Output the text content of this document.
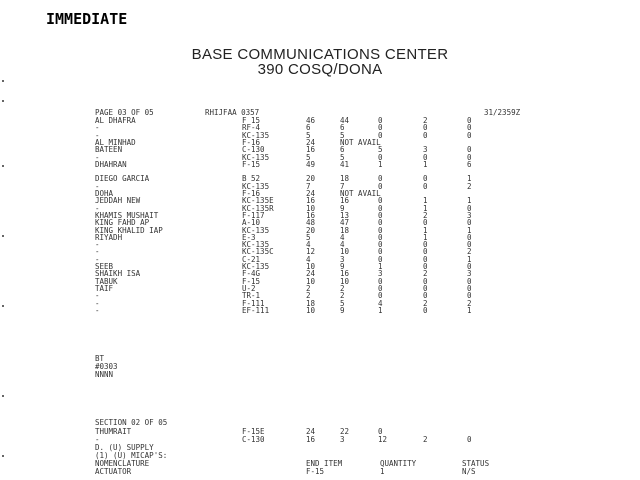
IMMEDIATE
BASE COMMUNICATIONS CENTER
390 COSQ/DONA

PAGE 03 OF 05

	RHIJFAA 0357

	31/2359Z

AL DHAFRA	F 15	46	44	0	2	0
-	RF-4	6	6	0	0	0
-	KC-135	5	5	0	0	0
AL MINHAD	F-16	24	NOT AVAIL
BATEEN	C-130	16	6	5	3	0
-	KC-135	5	5	0	0	0
DHAHRAN	F-15	49	41	1	1	6
DIEGO GARCIA	B 52	20	18	0	0	1
-	KC-135	7	7	0	0	2
DOHA	F-16	24	NOT AVAIL
JEDDAH NEW	KC-135E	16	16	0	1	1
-	KC-135R	10	9	0	1	0
KHAMIS MUSHAIT	F-117	16	13	0	2	3
KING FAHD AP	A-10	48	47	0	0	0
KING KHALID IAP	KC-135	20	18	0	1	1
RIYADH	E-3	5	4	0	1	0
-	KC-135	4	4	0	0	0
-	KC-135C	12	10	0	0	2
-	C-21	4	3	0	0	1
SEEB	KC-135	10	9	1	0	0
SHAIKH ISA	F-4G	24	16	3	2	3
TABUK	F-15	10	10	0	0	0
TAIF	U-2	2	2	0	0	0
-	TR-1	2	2	0	0	0
-	F-111	18	5	4	2	2
-	EF-111	10	9	1	0	1
BT
#0303
NNNN

SECTION 02 OF 05

THUMRAIT	F-15E	24	22	0
-	C-130	16	3	12	2	0
D. (U) SUPPLY
(1) (U) MICAP'S:
NOMENCLATURE	END ITEM	QUANTITY	STATUS
ACTUATOR	F-15	1	N/S
